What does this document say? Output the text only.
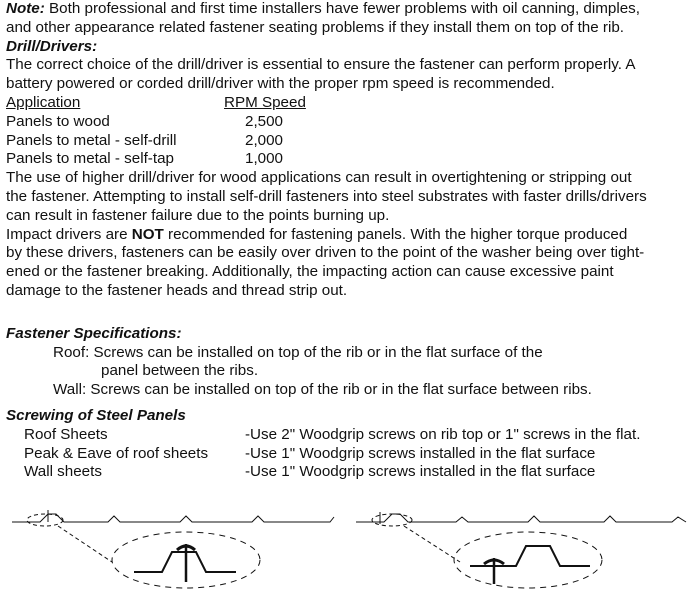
Note: Both professional and first time installers have fewer problems with oil canning, dimples,
and other appearance related fastener seating problems if they install them on top of the rib.
Drill/Drivers:
The correct choice of the drill/driver is essential to ensure the fastener can perform properly. A
battery powered or corded drill/driver with the proper rpm speed is recommended.
Application	RPM Speed
Panels to wood	2,500
Panels to metal - self-drill	2,000
Panels to metal - self-tap	1,000
The use of higher drill/driver for wood applications can result in overtightening or stripping out
the fastener. Attempting to install self-drill fasteners into steel substrates with faster drills/drivers
can result in fastener failure due to the points burning up.
Impact drivers are NOT recommended for fastening panels. With the higher torque produced
by these drivers, fasteners can be easily over driven to the point of the washer being over tight-
ened or the fastener breaking. Additionally, the impacting action can cause excessive paint
damage to the fastener heads and thread strip out.
Fastener Specifications:
Roof: Screws can be installed on top of the rib or in the flat surface of the
panel between the ribs.
Wall: Screws can be installed on top of the rib or in the flat surface between ribs.
Screwing of Steel Panels
Roof Sheets	-Use 2" Woodgrip screws on rib top or 1" screws in the flat.
Peak & Eave of roof sheets -Use 1" Woodgrip screws installed in the flat surface
Wall sheets	-Use 1" Woodgrip screws installed in the flat surface
